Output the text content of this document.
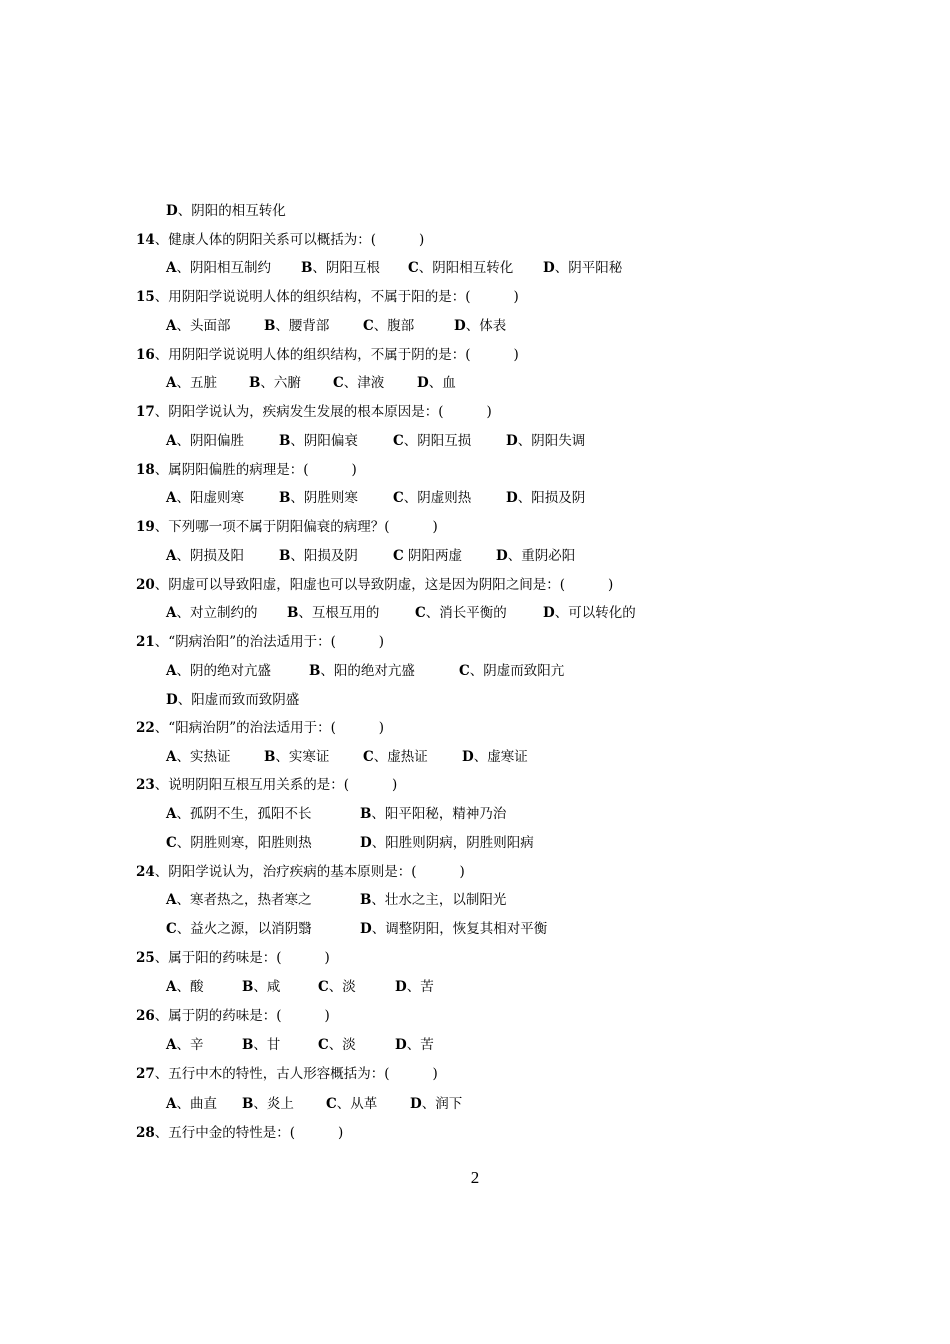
D、阴阳的相互转化

14、健康人体的阴阳关系可以概括为：(          )

A、阴阳相互制约

B、阴阳互根

C、阴阳相互转化

D、阴平阳秘

15、用阴阳学说说明人体的组织结构，不属于阳的是：(          )

A、头面部

B、腰背部

C、腹部

	D、体表

16、用阴阳学说说明人体的组织结构，不属于阴的是：(          )

A、五脏

B、六腑

C、津液

D、血

17、阴阳学说认为，疾病发生发展的根本原因是：(          )

A、阴阳偏胜

	B、阴阳偏衰

	C、阴阳互损

	D、阴阳失调

18、属阴阳偏胜的病理是：(          )

A、阳虚则寒

	B、阴胜则寒

	C、阴虚则热

	D、阳损及阴

19、下列哪一项不属于阴阳偏衰的病理？(          )

A、阴损及阳

	B、阳损及阴

	C 阴阳两虚

	D、重阴必阳

20、阴虚可以导致阳虚，阳虚也可以导致阴虚，这是因为阴阳之间是：(          )

A、对立制约的

B、互根互用的

	C、消长平衡的

	D、可以转化的

21、“阴病治阳”的治法适用于：(          )

A、阴的绝对亢盛

	B、阳的绝对亢盛

	C、阴虚而致阳亢

D、阳虚而致而致阴盛

22、“阳病治阴”的治法适用于：(          )

A、实热证

B、实寒证

C、虚热证

	D、虚寒证

23、说明阴阳互根互用关系的是：(          )

A、孤阴不生，孤阳不长

	B、阳平阳秘，精神乃治

C、阴胜则寒，阳胜则热

	D、阳胜则阴病，阴胜则阳病

24、阴阳学说认为，治疗疾病的基本原则是：(          )

A、寒者热之，热者寒之

	B、壮水之主，以制阳光

C、益火之源，以消阴翳

	D、调整阴阳，恢复其相对平衡

25、属于阳的药味是：(          )

A、酸

	B、咸

	C、淡

	D、苦

26、属于阴的药味是：(          )

A、辛

	B、甘

	C、淡

	D、苦

27、五行中木的特性，古人形容概括为：(          )

A、曲直

B、炎上

C、从革

D、润下

28、五行中金的特性是：(          )
2
